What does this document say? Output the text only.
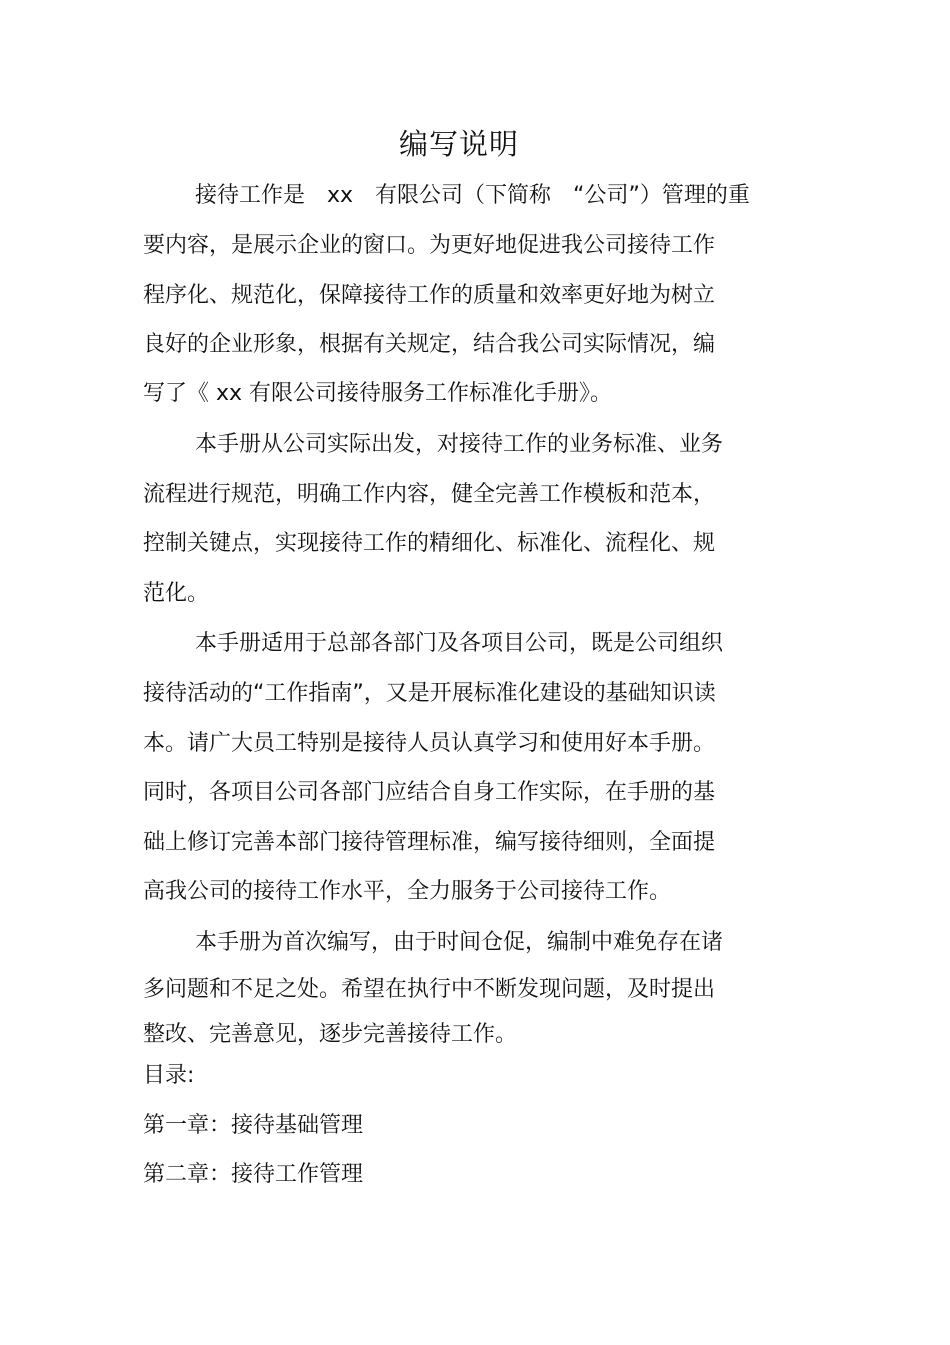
编写说明
接待工作是　xx　有限公司（下简称　“公司”）管理的重
要内容，是展示企业的窗口。为更好地促进我公司接待工作
程序化、规范化，保障接待工作的质量和效率更好地为树立
良好的企业形象，根据有关规定，结合我公司实际情况，编
写了《 xx 有限公司接待服务工作标准化手册》。
本手册从公司实际出发，对接待工作的业务标准、业务
流程进行规范，明确工作内容，健全完善工作模板和范本，
控制关键点，实现接待工作的精细化、标准化、流程化、规
范化。
本手册适用于总部各部门及各项目公司，既是公司组织
接待活动的“工作指南”，又是开展标准化建设的基础知识读
本。请广大员工特别是接待人员认真学习和使用好本手册。
同时，各项目公司各部门应结合自身工作实际，在手册的基
础上修订完善本部门接待管理标准，编写接待细则，全面提
高我公司的接待工作水平，全力服务于公司接待工作。
本手册为首次编写，由于时间仓促，编制中难免存在诸
多问题和不足之处。希望在执行中不断发现问题，及时提出
整改、完善意见，逐步完善接待工作。
目录:
第一章：接待基础管理
第二章：接待工作管理
